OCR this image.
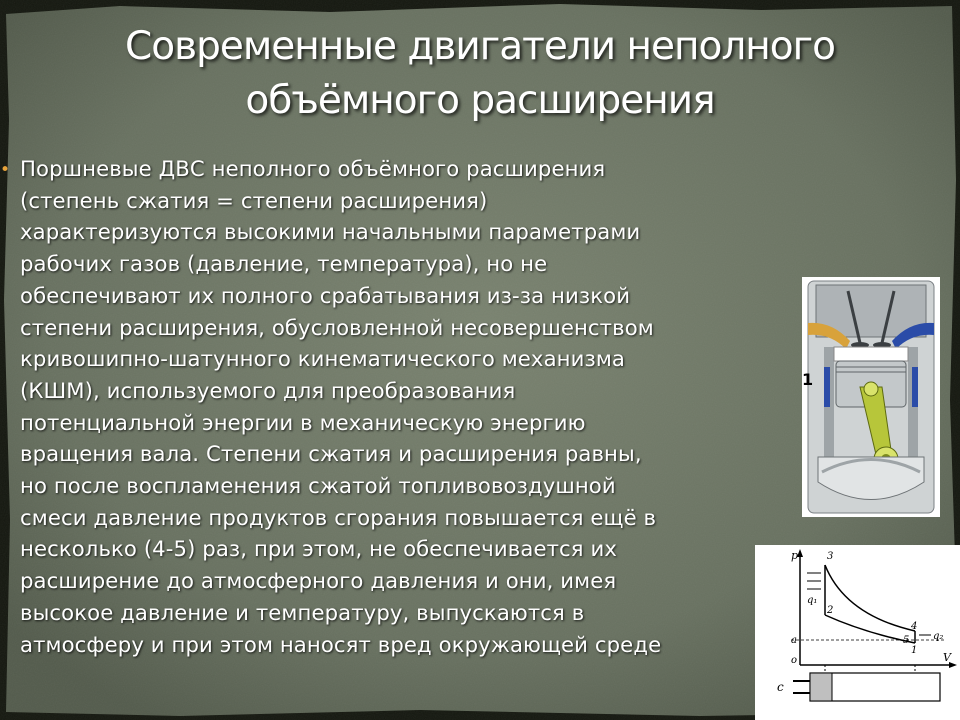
Современные двигатели неполного
объёмного расширения
• Поршневые ДВС неполного объёмного расширения
(степень сжатия = степени расширения)
характеризуются высокими начальными параметрами
рабочих газов (давление, температура), но не
обеспечивают их полного срабатывания из-за низкой
степени расширения, обусловленной несовершенством
кривошипно-шатунного кинематического механизма
(КШМ), используемого для преобразования
потенциальной энергии в механическую энергию
вращения вала. Степени сжатия и расширения равны,
но после воспламенения сжатой топливовоздушной
смеси давление продуктов сгорания повышается ещё в
несколько (4-5) раз, при этом, не обеспечивается их
расширение до атмосферного давления и они, имея
высокое давление и температуру, выпускаются в
атмосферу и при этом наносят вред окружающей среде

1
p
V
c
o
a
q₁
q₂
3
2
4
1
5
